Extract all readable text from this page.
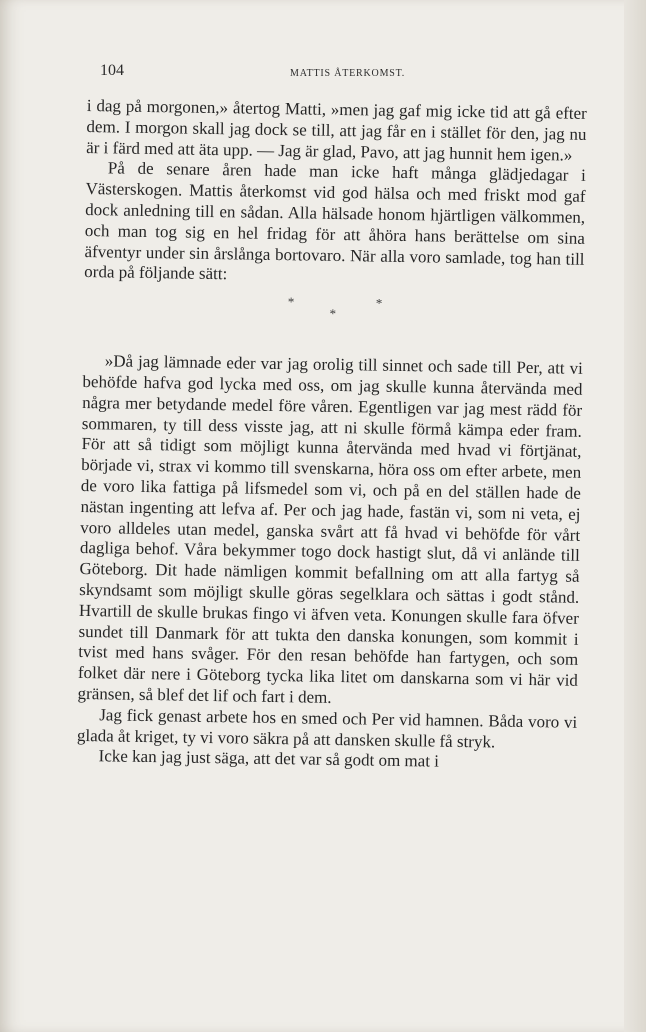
104	MATTIS ÅTERKOMST.

i dag på morgonen,» återtog Matti, »men jag gaf mig icke tid att gå efter dem. I morgon skall jag dock se till, att jag får en i stället för den, jag nu är i färd med att äta upp. — Jag är glad, Pavo, att jag hunnit hem igen.»

På de senare åren hade man icke haft många glädjedagar i Västerskogen. Mattis återkomst vid god hälsa och med friskt mod gaf dock anledning till en sådan. Alla hälsade honom hjärtligen välkommen, och man tog sig en hel fridag för att åhöra hans berättelse om sina äfventyr under sin årslånga bortovaro. När alla voro samlade, tog han till orda på följande sätt:

*
*
*

»Då jag lämnade eder var jag orolig till sinnet och sade till Per, att vi behöfde hafva god lycka med oss, om jag skulle kunna återvända med några mer betydande medel före våren. Egentligen var jag mest rädd för sommaren, ty till dess visste jag, att ni skulle förmå kämpa eder fram. För att så tidigt som möjligt kunna återvända med hvad vi förtjänat, började vi, strax vi kommo till svenskarna, höra oss om efter arbete, men de voro lika fattiga på lifsmedel som vi, och på en del ställen hade de nästan ingenting att lefva af. Per och jag hade, fastän vi, som ni veta, ej voro alldeles utan medel, ganska svårt att få hvad vi behöfde för vårt dagliga behof. Våra bekymmer togo dock hastigt slut, då vi anlände till Göteborg. Dit hade nämligen kommit befallning om att alla fartyg så skyndsamt som möjligt skulle göras segelklara och sättas i godt stånd. Hvartill de skulle brukas fingo vi äfven veta. Konungen skulle fara öfver sundet till Danmark för att tukta den danska konungen, som kommit i tvist med hans svåger. För den resan behöfde han fartygen, och som folket där nere i Göteborg tycka lika litet om danskarna som vi här vid gränsen, så blef det lif och fart i dem.

Jag fick genast arbete hos en smed och Per vid hamnen. Båda voro vi glada åt kriget, ty vi voro säkra på att dansken skulle få stryk.

Icke kan jag just säga, att det var så godt om mat i
